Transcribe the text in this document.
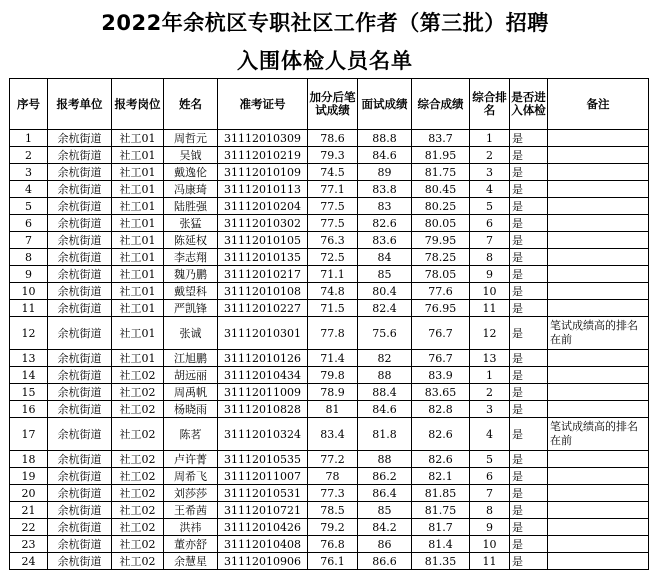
2022年余杭区专职社区工作者（第三批）招聘
入围体检人员名单
序号	报考单位	报考岗位	姓名	准考证号	加分后笔试成绩	面试成绩	综合成绩	综合排名	是否进入体检	备注
1	余杭街道	社工01	周哲元	31112010309	78.6	88.8	83.7	1	是	
2	余杭街道	社工01	吴钺	31112010219	79.3	84.6	81.95	2	是	
3	余杭街道	社工01	戴逸伦	31112010109	74.5	89	81.75	3	是	
4	余杭街道	社工01	冯康琦	31112010113	77.1	83.8	80.45	4	是	
5	余杭街道	社工01	陆胜强	31112010204	77.5	83	80.25	5	是	
6	余杭街道	社工01	张猛	31112010302	77.5	82.6	80.05	6	是	
7	余杭街道	社工01	陈延权	31112010105	76.3	83.6	79.95	7	是	
8	余杭街道	社工01	李志翔	31112010135	72.5	84	78.25	8	是	
9	余杭街道	社工01	魏乃鹏	31112010217	71.1	85	78.05	9	是	
10	余杭街道	社工01	戴望科	31112010108	74.8	80.4	77.6	10	是	
11	余杭街道	社工01	严凯锋	31112010227	71.5	82.4	76.95	11	是	
12	余杭街道	社工01	张诚	31112010301	77.8	75.6	76.7	12	是	笔试成绩高的排名在前
13	余杭街道	社工01	江旭鹏	31112010126	71.4	82	76.7	13	是	
14	余杭街道	社工02	胡远丽	31112010434	79.8	88	83.9	1	是	
15	余杭街道	社工02	周禹帆	31112011009	78.9	88.4	83.65	2	是	
16	余杭街道	社工02	杨晓雨	31112010828	81	84.6	82.8	3	是	
17	余杭街道	社工02	陈茗	31112010324	83.4	81.8	82.6	4	是	笔试成绩高的排名在前
18	余杭街道	社工02	卢许菁	31112010535	77.2	88	82.6	5	是	
19	余杭街道	社工02	周希飞	31112011007	78	86.2	82.1	6	是	
20	余杭街道	社工02	刘莎莎	31112010531	77.3	86.4	81.85	7	是	
21	余杭街道	社工02	王希茜	31112010721	78.5	85	81.75	8	是	
22	余杭街道	社工02	洪祎	31112010426	79.2	84.2	81.7	9	是	
23	余杭街道	社工02	董亦舒	31112010408	76.8	86	81.4	10	是	
24	余杭街道	社工02	余慧星	31112010906	76.1	86.6	81.35	11	是	
